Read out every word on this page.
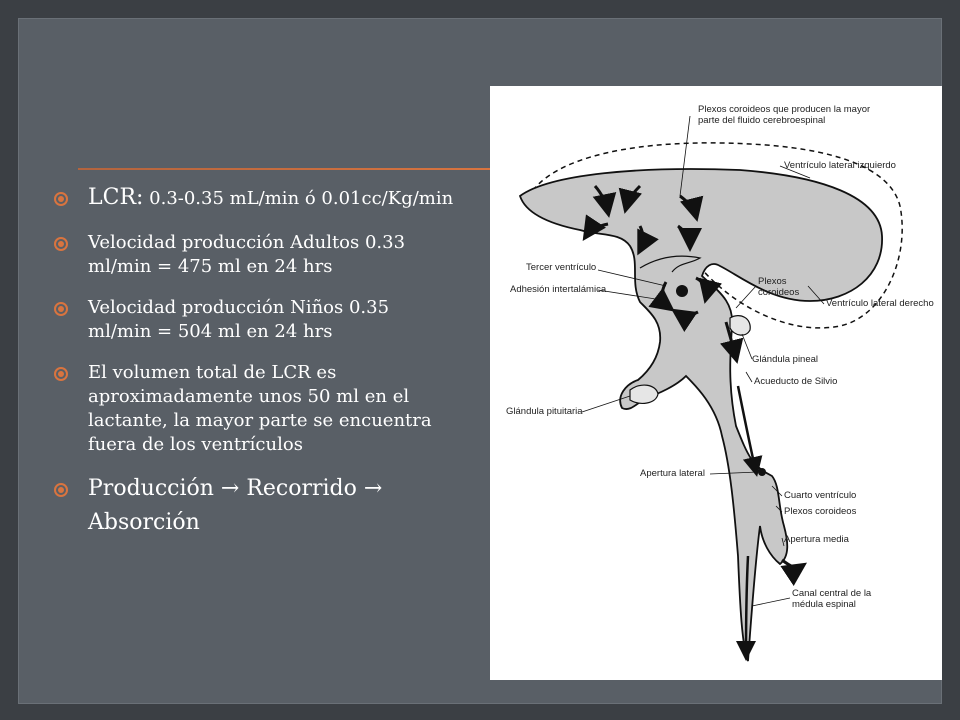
LCR: 0.3-0.35 mL/min ó 0.01cc/Kg/min
Velocidad producción Adultos 0.33 ml/min = 475 ml en 24 hrs
Velocidad producción Niños 0.35 ml/min = 504 ml en 24 hrs
El volumen total de LCR es aproximadamente unos 50 ml en el lactante, la mayor parte se encuentra fuera de los ventrículos
Producción → Recorrido → Absorción
Plexos coroideos que producen la mayor parte del fluido cerebroespinal
Ventrículo lateral izquierdo
Tercer ventrículo
Adhesión intertalámica
Plexos coroideos
Ventrículo lateral derecho
Glándula pineal
Acueducto de Silvio
Glándula pituitaria
Apertura lateral
Cuarto ventrículo
Plexos coroideos
Apertura media
Canal central de la médula espinal
